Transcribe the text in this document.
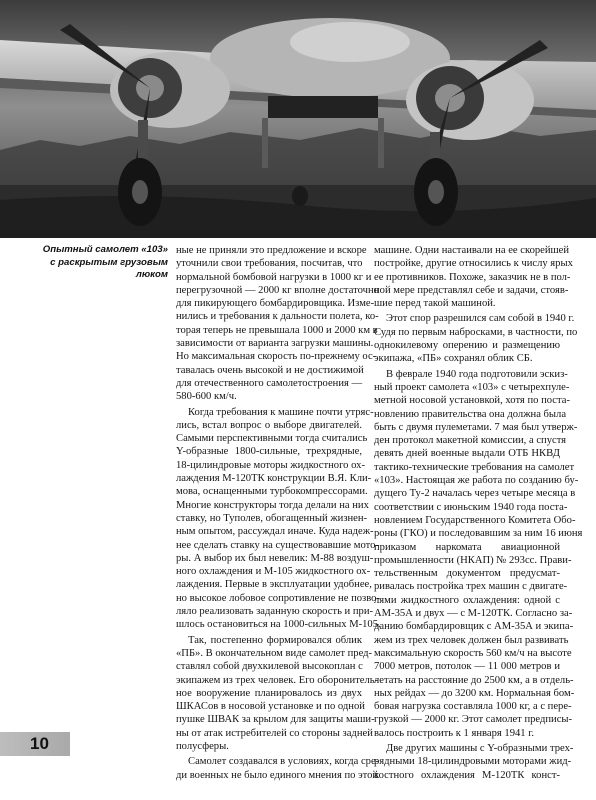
Опытный самолет «103»
с раскрытым грузовым
люком
ные не приняли это предложение и вскоре
уточнили свои требования, посчитав, что
нормальной бомбовой нагрузки в 1000 кг и
перегрузочной — 2000 кг вполне достаточно
для пикирующего бомбардировщика. Изме-
нились и требования к дальности полета, ко-
торая теперь не превышала 1000 и 2000 км в
зависимости от варианта загрузки машины.
Но максимальная скорость по-прежнему ос-
тавалась очень высокой и не достижимой
для отечественного самолетостроения —
580-600 км/ч.
Когда требования к машине почти утряс-
лись, встал вопрос о выборе двигателей.
Самыми перспективными тогда считались
Y-образные 1800-сильные, трехрядные,
18-цилиндровые моторы жидкостного ох-
лаждения М-120ТК конструкции В.Я. Кли-
мова, оснащенными турбокомпрессорами.
Многие конструкторы тогда делали на них
ставку, но Туполев, обогащенный жизнен-
ным опытом, рассуждал иначе. Куда надеж-
нее сделать ставку на существовавшие мото-
ры. А выбор их был невелик: М-88 воздуш-
ного охлаждения и М-105 жидкостного ох-
лаждения. Первые в эксплуатации удобнее,
но высокое лобовое сопротивление не позво-
ляло реализовать заданную скорость и при-
шлось остановиться на 1000-сильных М-105.
Так, постепенно формировался облик
«ПБ». В окончательном виде самолет пред-
ставлял собой двухкилевой высокоплан с
экипажем из трех человек. Его оборонитель-
ное вооружение планировалось из двух
ШКАСов в носовой установке и по одной
пушке ШВАК за крылом для защиты маши-
ны от атак истребителей со стороны задней
полусферы.
Самолет создавался в условиях, когда сре-
ди военных не было единого мнения по этой
машине. Одни настаивали на ее скорейшей
постройке, другие относились к числу ярых
ее противников. Похоже, заказчик не в пол-
ной мере представлял себе и задачи, стояв-
шие перед такой машиной.
Этот спор разрешился сам собой в 1940 г.
Судя по первым набросками, в частности, по
однокилевому оперению и размещению
экипажа, «ПБ» сохранял облик СБ.
В феврале 1940 года подготовили эскиз-
ный проект самолета «103» с четырехпуле-
метной носовой установкой, хотя по поста-
новлению правительства она должна была
быть с двумя пулеметами. 7 мая был утверж-
ден протокол макетной комиссии, а спустя
девять дней военные выдали ОТБ НКВД
тактико-технические требования на самолет
«103». Настоящая же работа по созданию бу-
дущего Ту-2 началась через четыре месяца в
соответствии с июньским 1940 года поста-
новлением Государственного Комитета Обо-
роны (ГКО) и последовавшим за ним 16 июня
приказом наркомата авиационной
промышленности (НКАП) № 293сс. Прави-
тельственным документом предусмат-
ривалась постройка трех машин с двигате-
лями жидкостного охлаждения: одной с
АМ-35А и двух — с М-120ТК. Согласно за-
данию бомбардировщик с АМ-35А и экипа-
жем из трех человек должен был развивать
максимальную скорость 560 км/ч на высоте
7000 метров, потолок — 11 000 метров и
летать на расстояние до 2500 км, а в отдель-
ных рейдах — до 3200 км. Нормальная бом-
бовая нагрузка составляла 1000 кг, а с пере-
грузкой — 2000 кг. Этот самолет предписы-
валось построить к 1 января 1941 г.
Две других машины с Y-образными трех-
рядными 18-цилиндровыми моторами жид-
костного охлаждения М-120ТК конст-
10
